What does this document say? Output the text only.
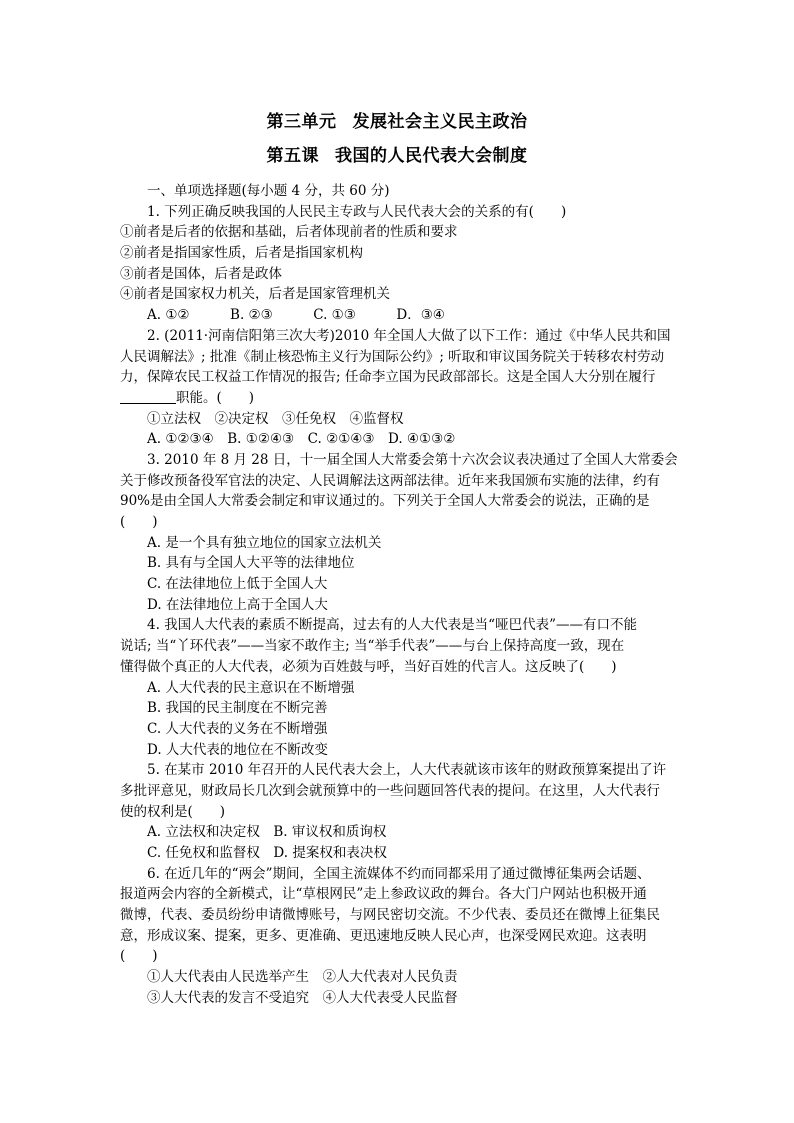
第三单元 发展社会主义民主政治
第五课 我国的人民代表大会制度
一、单项选择题(每小题 4 分，共 60 分)
1. 下列正确反映我国的人民民主专政与人民代表大会的关系的有(　　)
①前者是后者的依据和基础，后者体现前者的性质和要求
②前者是指国家性质，后者是指国家机构
③前者是国体，后者是政体
④前者是国家权力机关，后者是国家管理机关
A. ①②　　　B. ②③　　　C. ①③　　　D．③④
2. (2011·河南信阳第三次大考)2010 年全国人大做了以下工作：通过《中华人民共和国
人民调解法》; 批准《制止核恐怖主义行为国际公约》; 听取和审议国务院关于转移农村劳动
力，保障农民工权益工作情况的报告; 任命李立国为民政部部长。这是全国人大分别在履行
职能。(　　)
①立法权　②决定权　③任免权　④监督权
A. ①②③④　B. ①②④③　C. ②①④③　D. ④①③②
3. 2010 年 8 月 28 日，十一届全国人大常委会第十六次会议表决通过了全国人大常委会
关于修改预备役军官法的决定、人民调解法这两部法律。近年来我国颁布实施的法律，约有
90%是由全国人大常委会制定和审议通过的。下列关于全国人大常委会的说法，正确的是
(　　)
A. 是一个具有独立地位的国家立法机关
B. 具有与全国人大平等的法律地位
C. 在法律地位上低于全国人大
D. 在法律地位上高于全国人大
4. 我国人大代表的素质不断提高，过去有的人大代表是当“哑巴代表”——有口不能
说话; 当“丫环代表”——当家不敢作主; 当“举手代表”——与台上保持高度一致，现在
懂得做个真正的人大代表，必须为百姓鼓与呼，当好百姓的代言人。这反映了(　　)
A. 人大代表的民主意识在不断增强
B. 我国的民主制度在不断完善
C. 人大代表的义务在不断增强
D. 人大代表的地位在不断改变
5. 在某市 2010 年召开的人民代表大会上，人大代表就该市该年的财政预算案提出了许
多批评意见，财政局长几次到会就预算中的一些问题回答代表的提问。在这里，人大代表行
使的权利是(　　)
A. 立法权和决定权　B. 审议权和质询权
C. 任免权和监督权　D. 提案权和表决权
6. 在近几年的“两会”期间，全国主流媒体不约而同都采用了通过微博征集两会话题、
报道两会内容的全新模式，让“草根网民”走上参政议政的舞台。各大门户网站也积极开通
微博，代表、委员纷纷申请微博账号，与网民密切交流。不少代表、委员还在微博上征集民
意，形成议案、提案，更多、更准确、更迅速地反映人民心声，也深受网民欢迎。这表明
(　　)
①人大代表由人民选举产生　②人大代表对人民负责
③人大代表的发言不受追究　④人大代表受人民监督
